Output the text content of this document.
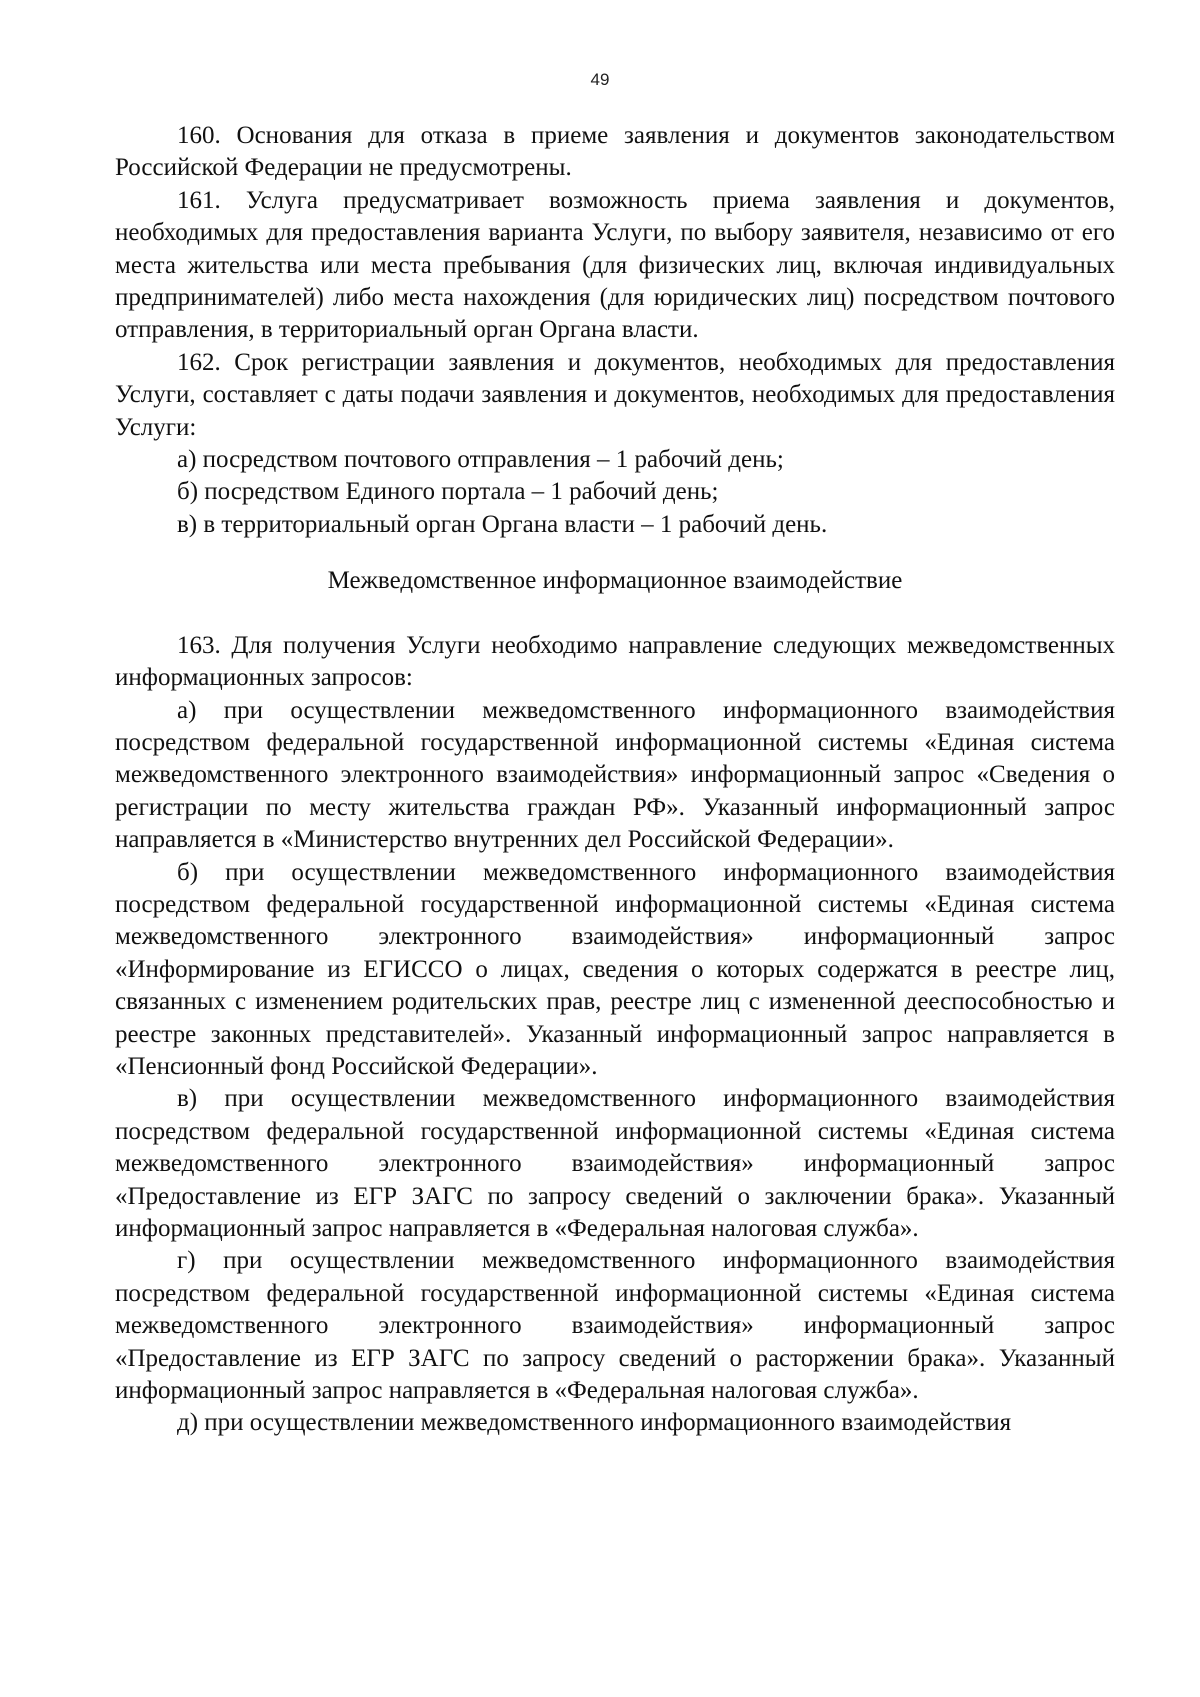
49

160. Основания для отказа в приеме заявления и документов законодательством Российской Федерации не предусмотрены.

161. Услуга предусматривает возможность приема заявления и документов, необходимых для предоставления варианта Услуги, по выбору заявителя, независимо от его места жительства или места пребывания (для физических лиц, включая индивидуальных предпринимателей) либо места нахождения (для юридических лиц) посредством почтового отправления, в территориальный орган Органа власти.

162. Срок регистрации заявления и документов, необходимых для предоставления Услуги, составляет с даты подачи заявления и документов, необходимых для предоставления Услуги:

а) посредством почтового отправления – 1 рабочий день;

б) посредством Единого портала – 1 рабочий день;

в) в территориальный орган Органа власти – 1 рабочий день.

Межведомственное информационное взаимодействие

163. Для получения Услуги необходимо направление следующих межведомственных информационных запросов:

а) при осуществлении межведомственного информационного взаимодействия посредством федеральной государственной информационной системы «Единая система межведомственного электронного взаимодействия» информационный запрос «Сведения о регистрации по месту жительства граждан РФ». Указанный информационный запрос направляется в «Министерство внутренних дел Российской Федерации».

б) при осуществлении межведомственного информационного взаимодействия посредством федеральной государственной информационной системы «Единая система межведомственного электронного взаимодействия» информационный запрос «Информирование из ЕГИССО о лицах, сведения о которых содержатся в реестре лиц, связанных с изменением родительских прав, реестре лиц с измененной дееспособностью и реестре законных представителей». Указанный информационный запрос направляется в «Пенсионный фонд Российской Федерации».

в) при осуществлении межведомственного информационного взаимодействия посредством федеральной государственной информационной системы «Единая система межведомственного электронного взаимодействия» информационный запрос «Предоставление из ЕГР ЗАГС по запросу сведений о заключении брака». Указанный информационный запрос направляется в «Федеральная налоговая служба».

г) при осуществлении межведомственного информационного взаимодействия посредством федеральной государственной информационной системы «Единая система межведомственного электронного взаимодействия» информационный запрос «Предоставление из ЕГР ЗАГС по запросу сведений о расторжении брака». Указанный информационный запрос направляется в «Федеральная налоговая служба».

д) при осуществлении межведомственного информационного взаимодействия
